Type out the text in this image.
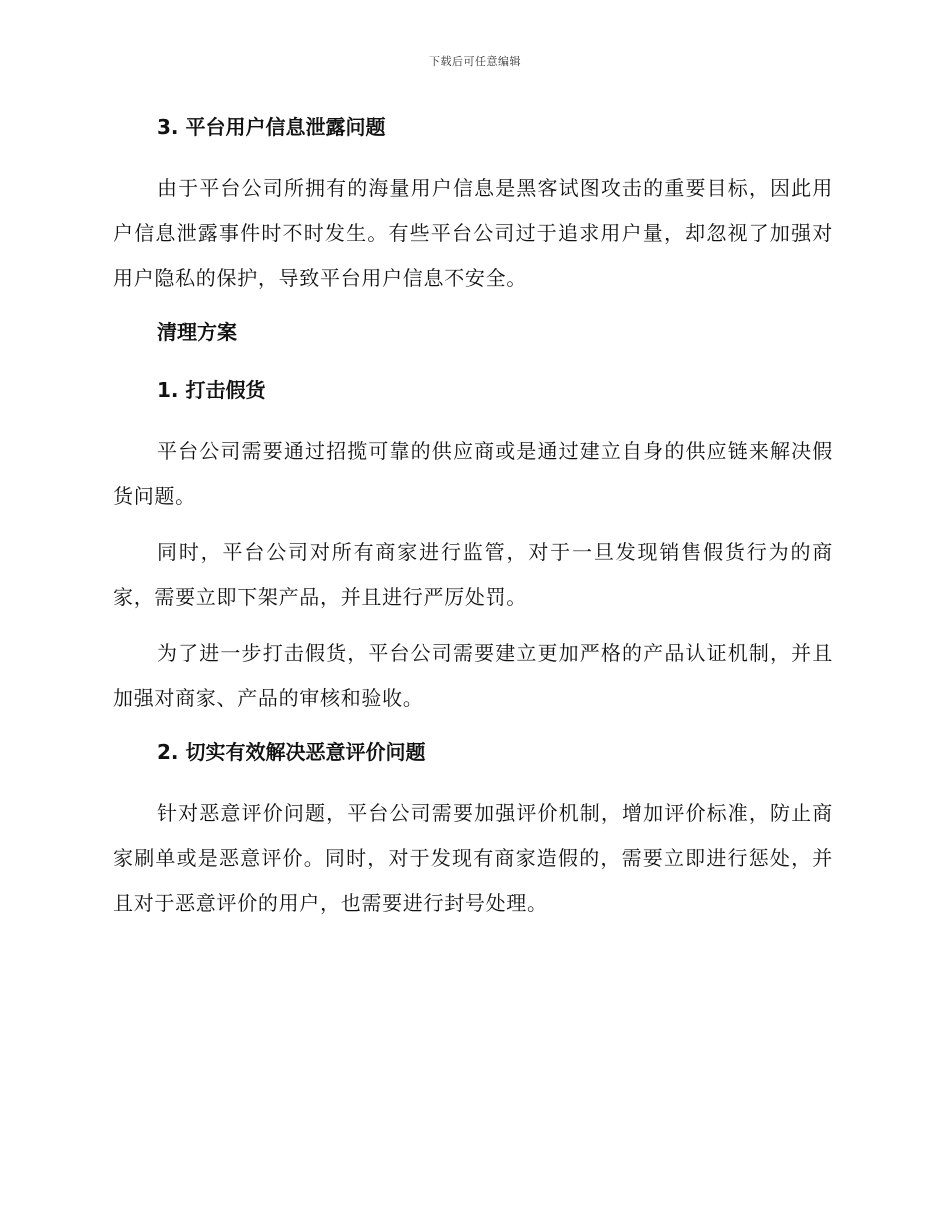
下载后可任意编辑
3. 平台用户信息泄露问题

由于平台公司所拥有的海量用户信息是黑客试图攻击的重要目标，因此用户信息泄露事件时不时发生。有些平台公司过于追求用户量，却忽视了加强对用户隐私的保护，导致平台用户信息不安全。

清理方案
1. 打击假货

平台公司需要通过招揽可靠的供应商或是通过建立自身的供应链来解决假货问题。

同时，平台公司对所有商家进行监管，对于一旦发现销售假货行为的商家，需要立即下架产品，并且进行严厉处罚。

为了进一步打击假货，平台公司需要建立更加严格的产品认证机制，并且加强对商家、产品的审核和验收。

2. 切实有效解决恶意评价问题

针对恶意评价问题，平台公司需要加强评价机制，增加评价标准，防止商家刷单或是恶意评价。同时，对于发现有商家造假的，需要立即进行惩处，并且对于恶意评价的用户，也需要进行封号处理。
